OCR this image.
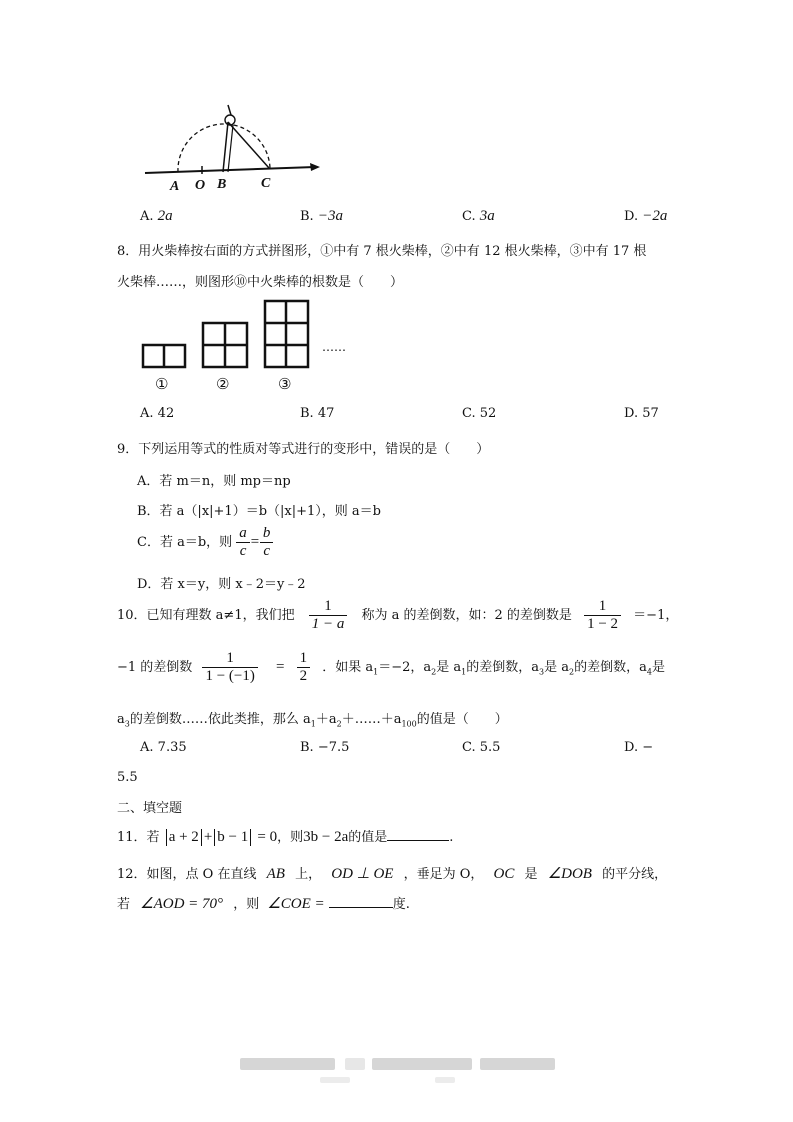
A O B C
A. 2a	B. −3a	C. 3a	D. −2a
8．用火柴棒按右面的方式拼图形，①中有 7 根火柴棒，②中有 12 根火柴棒，③中有 17 根
火柴棒……，则图形⑩中火柴棒的根数是（　　）
①	②	③
……
A. 42	B. 47	C. 52	D. 57
9．下列运用等式的性质对等式进行的变形中，错误的是（　　）
A．若 m＝n，则 mp＝np
B．若 a（|x|+1）＝b（|x|+1），则 a＝b
C．若 a＝b，则 $\frac{a}{c} = \frac{b}{c}$
D．若 x＝y，则 x﹣2＝y﹣2
10．已知有理数 a≠1，我们把 $\frac{1}{1 - a}$ 称为 a 的差倒数，如：2 的差倒数是 $\frac{1}{1 - 2} =-1$，
−1 的差倒数 $\frac{1}{1 - (-1)} = \frac{1}{2}$ ．如果 $a_1=-2$，$a_2$是 $a_1$的差倒数，$a_3$是 $a_2$的差倒数，$a_4$是
$a_3$的差倒数……依此类推，那么 $a_1+a_2+\dots\dots+a_{100}$的值是（　　）
A. 7.35	B. −7.5	C. 5.5	D. −
5.5
二、填空题
11．若 a + 2 + b − 1 = 0，则3b − 2a的值是	.
12．如图，点 O 在直线 AB 上， OD ⊥ OE ，垂足为 O， OC 是 ∠DOB 的平分线，
若 ∠AOD = 70° ，则 ∠COE =	度.
